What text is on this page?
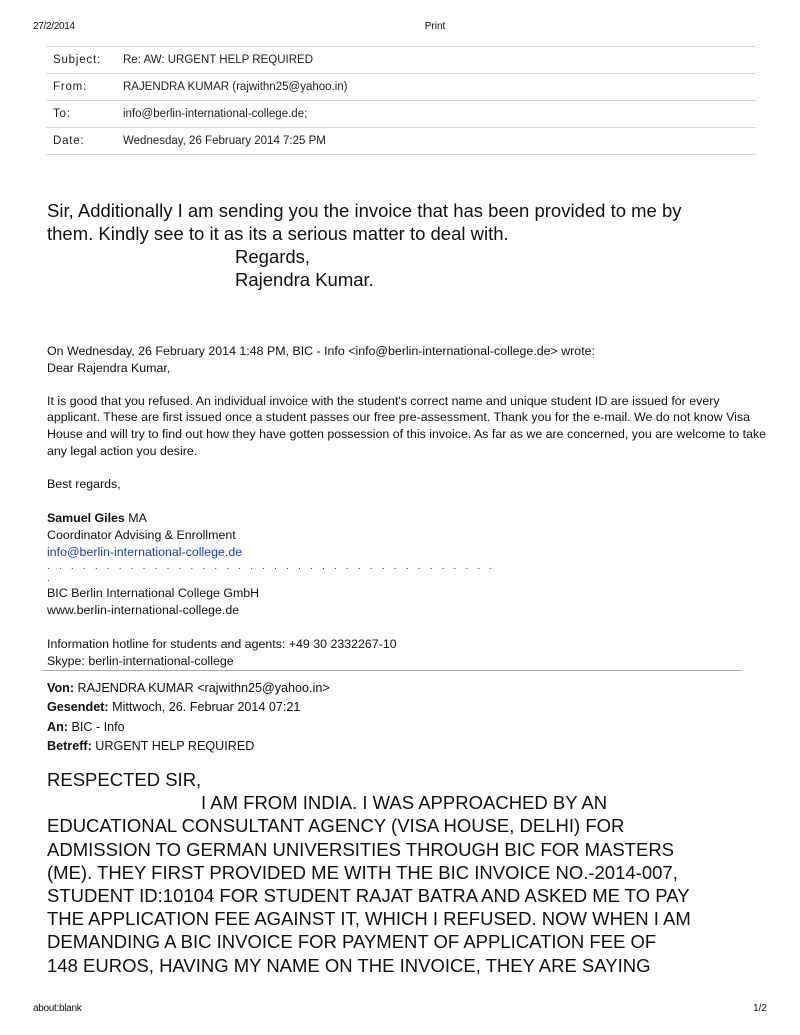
27/2/2014	Print
Subject:	Re: AW: URGENT HELP REQUIRED
From:	RAJENDRA KUMAR (rajwithn25@yahoo.in)
To:	info@berlin-international-college.de;
Date:	Wednesday, 26 February 2014 7:25 PM
Sir, Additionally I am sending you the invoice that has been provided to me by
them. Kindly see to it as its a serious matter to deal with.
Regards,
Rajendra Kumar.

On Wednesday, 26 February 2014 1:48 PM, BIC - Info <info@berlin-international-college.de> wrote:

Dear Rajendra Kumar,

It is good that you refused. An individual invoice with the student's correct name and unique student ID are issued for every applicant. These are first issued once a student passes our free pre-assessment. Thank you for the e-mail. We do not know Visa House and will try to find out how they have gotten possession of this invoice. As far as we are concerned, you are welcome to take any legal action you desire.

Best regards,

Samuel Giles MA
Coordinator Advising & Enrollment
info@berlin-international-college.de
. . . . . . . . . . . . . . . . . . . . . . . . . . . . . . . . . . . . . . .
BIC Berlin International College GmbH
www.berlin-international-college.de
Information hotline for students and agents: +49 30 2332267-10
Skype: berlin-international-college
Von: RAJENDRA KUMAR <rajwithn25@yahoo.in>
Gesendet: Mittwoch, 26. Februar 2014 07:21
An: BIC - Info
Betreff: URGENT HELP REQUIRED
RESPECTED SIR,
I AM FROM INDIA. I WAS APPROACHED BY AN
EDUCATIONAL CONSULTANT AGENCY (VISA HOUSE, DELHI) FOR
ADMISSION TO GERMAN UNIVERSITIES THROUGH BIC FOR MASTERS
(ME). THEY FIRST PROVIDED ME WITH THE BIC INVOICE NO.-2014-007,
STUDENT ID:10104 FOR STUDENT RAJAT BATRA AND ASKED ME TO PAY
THE APPLICATION FEE AGAINST IT, WHICH I REFUSED. NOW WHEN I AM
DEMANDING A BIC INVOICE FOR PAYMENT OF APPLICATION FEE OF
148 EUROS, HAVING MY NAME ON THE INVOICE, THEY ARE SAYING
about:blank	1/2
